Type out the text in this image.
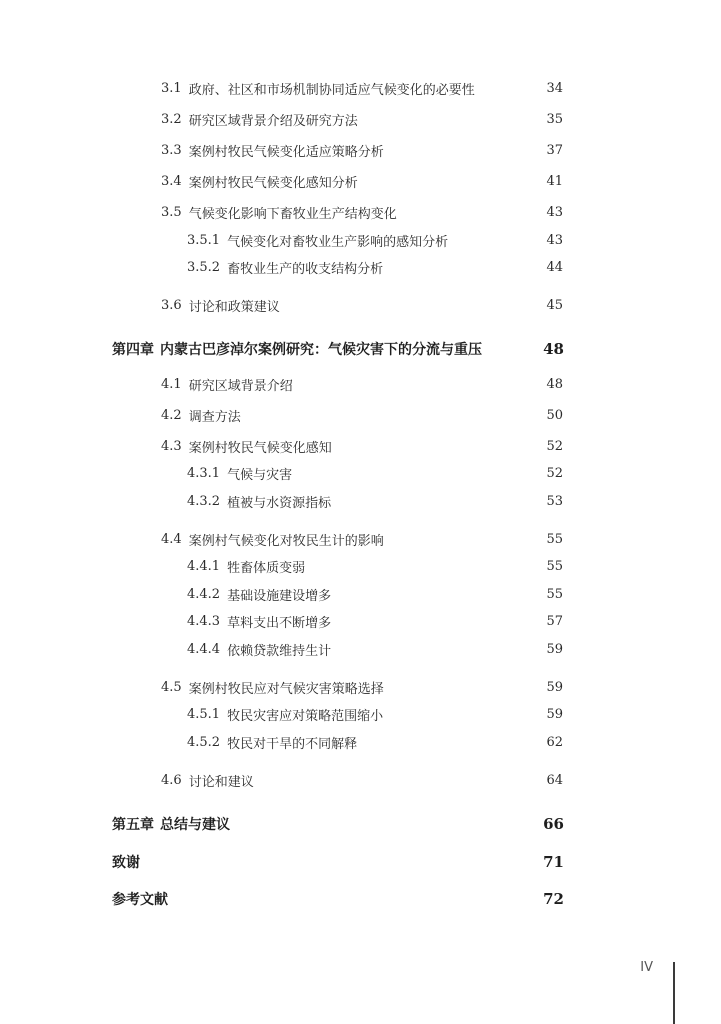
3.1 政府、社区和市场机制协同适应气候变化的必要性	34
3.2 研究区域背景介绍及研究方法	35
3.3 案例村牧民气候变化适应策略分析	37
3.4 案例村牧民气候变化感知分析	41
3.5 气候变化影响下畜牧业生产结构变化	43
3.5.1 气候变化对畜牧业生产影响的感知分析	43
3.5.2 畜牧业生产的收支结构分析	44
3.6 讨论和政策建议	45
第四章 内蒙古巴彦淖尔案例研究：气候灾害下的分流与重压	48
4.1 研究区域背景介绍	48
4.2 调查方法	50
4.3 案例村牧民气候变化感知	52
4.3.1 气候与灾害	52
4.3.2 植被与水资源指标	53
4.4 案例村气候变化对牧民生计的影响	55
4.4.1 牲畜体质变弱	55
4.4.2 基础设施建设增多	55
4.4.3 草料支出不断增多	57
4.4.4 依赖贷款维持生计	59
4.5 案例村牧民应对气候灾害策略选择	59
4.5.1 牧民灾害应对策略范围缩小	59
4.5.2 牧民对干旱的不同解释	62
4.6 讨论和建议	64
第五章 总结与建议	66
致谢	71
参考文献	72
IV
